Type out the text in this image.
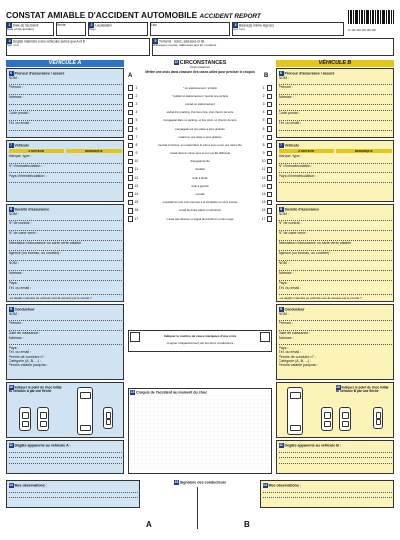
CONSTAT AMIABLE D'ACCIDENT AUTOMOBILE ACCIDENT REPORT
IC 100 100 100 100 100
1 Date de l'accident
Date of the accident
Heure	2 Localisation
Pays
Lieu	3 Blessé(s) même léger(s)
non / oui
4 Dégâts matériels à des véhicules autres que A et B
non / oui
5 Témoins : noms, adresses et tél.
Witnesses: names, addresses and tel. numbers
VÉHICULE A
6 Preneur d'assurance / assuré
NOM :
Prénom :
Adresse :
Code postal :
Tél. ou email :
7 Véhicule
A MOTEUR	REMORQUE
Marque, type :
N° d'immatriculation :
Pays d'immatriculation :
8 Société d'assurance
NOM :
N° de contrat :
N° de carte verte :
Attestation d'assurance ou carte verte valable
Agence (ou bureau, ou courtier) :
NOM :
Adresse :
Pays :
Tél. ou email :
Les dégâts matériels au véhicule sont-ils assurés par le contrat ?
9 Conducteur
NOM :
Prénom :
Date de naissance :
Adresse :
Pays :
Tél. ou email :
Permis de conduire n° :
Catégorie (A, B, ...) :
Permis valable jusqu'au :
10 Indiquer le point de choc initial au véhicule A par une flèche
11 Dégâts apparents au véhicule A :
14 Mes observations :
12 CIRCONSTANCES
Circumstances
Mettre une croix dans chacune des cases utiles pour préciser le croquis
A	B
1	* en stationnement / à l'arrêt	1
2	* quittait un stationnement / ouvrait une portière	2
3	prenait un stationnement	3
4	sortait d'un parking, d'un lieu privé, d'un chemin de terre	4
5	s'engageait dans un parking, un lieu privé, un chemin de terre	5
6	s'engageait sur une place à sens giratoire	6
7	roulait sur une place à sens giratoire	7
8	heurtait à l'arrière, en roulant dans le même sens et sur une même file	8
9	roulait dans le même sens et sur une file différente	9
10	changeait de file	10
11	doublait	11
12	virait à droite	12
13	virait à gauche	13
14	reculait	14
15	empiétait sur une voie réservée à la circulation en sens inverse	15
16	venait de droite (dans un carrefour)	16
17	n'avait pas observé un signal de priorité ou un feu rouge	17
Indiquer le nombre de cases marquées d'une croix
A signer obligatoirement par les deux conducteurs
13 Croquis de l'accident au moment du choc
15 Signature des conducteurs
A	B
VÉHICULE B
6 Preneur d'assurance / assuré
NOM :
Prénom :
Adresse :
Code postal :
Tél. ou email :
7 Véhicule
A MOTEUR	REMORQUE
Marque, type :
N° d'immatriculation :
Pays d'immatriculation :
8 Société d'assurance
NOM :
N° de contrat :
N° de carte verte :
Attestation d'assurance ou carte verte valable
Agence (ou bureau, ou courtier) :
NOM :
Adresse :
Pays :
Tél. ou email :
Les dégâts matériels au véhicule sont-ils assurés par le contrat ?
9 Conducteur
NOM :
Prénom :
Date de naissance :
Adresse :
Pays :
Tél. ou email :
Permis de conduire n° :
Catégorie (A, B, ...) :
Permis valable jusqu'au :
10 Indiquer le point de choc initial au véhicule B par une flèche
11 Dégâts apparents au véhicule B :
14 Mes observations :
